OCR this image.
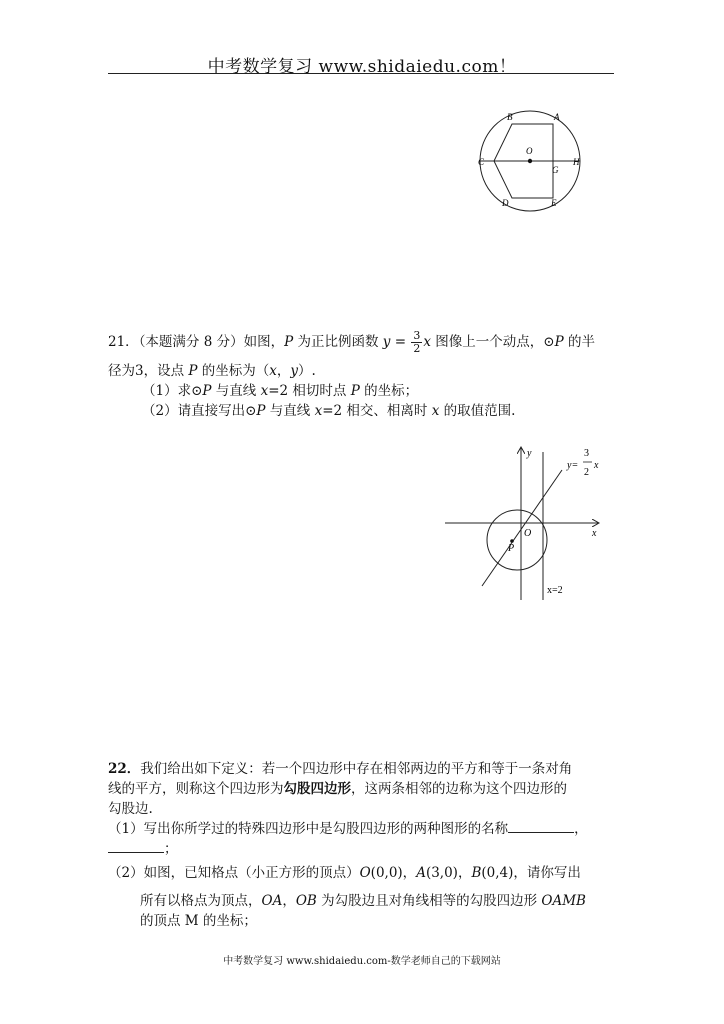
中考数学复习 www.shidaiedu.com！
B	A
O
C	H
G
D	E
21．（本题满分 8 分）如图，P 为正比例函数 $y = \frac{3}{2}$ x 图像上一个动点，⊙P 的半
径为3，设点 P 的坐标为（x，y）.
（1）求⊙P 与直线 x=2 相切时点 P 的坐标；
（2）请直接写出⊙P 与直线 x=2 相交、相离时 x 的取值范围.
y
x
O
P
y=
3
2
x
x=2
22．我们给出如下定义：若一个四边形中存在相邻两边的平方和等于一条对角
线的平方，则称这个四边形为勾股四边形，这两条相邻的边称为这个四边形的
勾股边.
（1）写出你所学过的特殊四边形中是勾股四边形的两种图形的名称	，
；
（2）如图，已知格点（小正方形的顶点）O(0,0)，A(3,0)，B(0,4)，请你写出
所有以格点为顶点，OA，OB 为勾股边且对角线相等的勾股四边形 OAMB
的顶点 M 的坐标；
中考数学复习 www.shidaiedu.com-数学老师自己的下载网站
